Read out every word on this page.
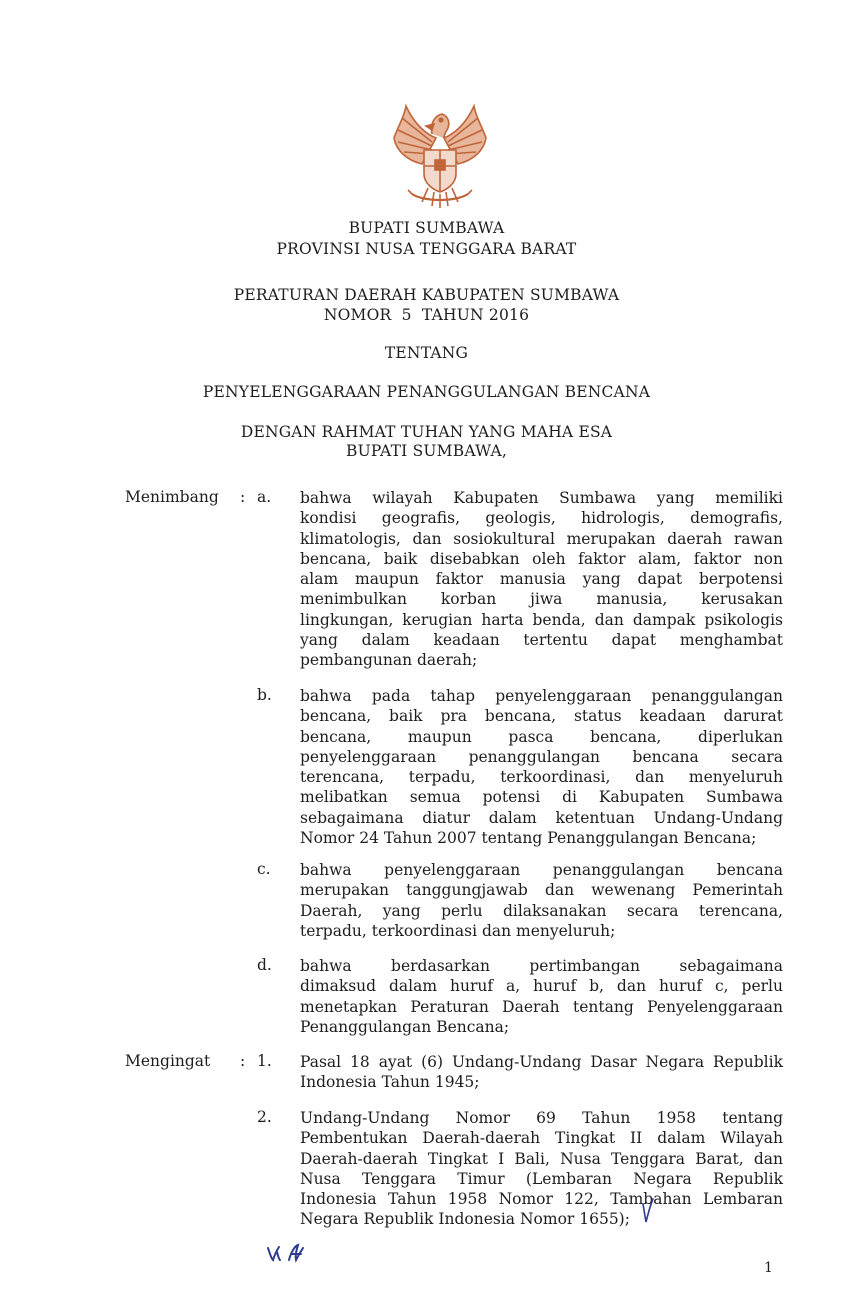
BUPATI SUMBAWA
PROVINSI NUSA TENGGARA BARAT
PERATURAN DAERAH KABUPATEN SUMBAWA
NOMOR  5  TAHUN 2016
TENTANG
PENYELENGGARAAN PENANGGULANGAN BENCANA
DENGAN RAHMAT TUHAN YANG MAHA ESA
BUPATI SUMBAWA,
Menimbang : a. bahwa wilayah Kabupaten Sumbawa yang memiliki
kondisi geografis, geologis, hidrologis, demografis,
klimatologis, dan sosiokultural merupakan daerah rawan
bencana, baik disebabkan oleh faktor alam, faktor non
alam maupun faktor manusia yang dapat berpotensi
menimbulkan korban jiwa manusia, kerusakan
lingkungan, kerugian harta benda, dan dampak psikologis
yang dalam keadaan tertentu dapat menghambat
pembangunan daerah;
b. bahwa pada tahap penyelenggaraan penanggulangan
bencana, baik pra bencana, status keadaan darurat
bencana, maupun pasca bencana, diperlukan
penyelenggaraan penanggulangan bencana secara
terencana, terpadu, terkoordinasi, dan menyeluruh
melibatkan semua potensi di Kabupaten Sumbawa
sebagaimana diatur dalam ketentuan Undang-Undang
Nomor 24 Tahun 2007 tentang Penanggulangan Bencana;
c. bahwa penyelenggaraan penanggulangan bencana
merupakan tanggungjawab dan wewenang Pemerintah
Daerah, yang perlu dilaksanakan secara terencana,
terpadu, terkoordinasi dan menyeluruh;
d. bahwa berdasarkan pertimbangan sebagaimana
dimaksud dalam huruf a, huruf b, dan huruf c, perlu
menetapkan Peraturan Daerah tentang Penyelenggaraan
Penanggulangan Bencana;
Mengingat : 1. Pasal 18 ayat (6) Undang-Undang Dasar Negara Republik
Indonesia Tahun 1945;
2. Undang-Undang Nomor 69 Tahun 1958 tentang
Pembentukan Daerah-daerah Tingkat II dalam Wilayah
Daerah-daerah Tingkat I Bali, Nusa Tenggara Barat, dan
Nusa Tenggara Timur (Lembaran Negara Republik
Indonesia Tahun 1958 Nomor 122, Tambahan Lembaran
Negara Republik Indonesia Nomor 1655);
1
